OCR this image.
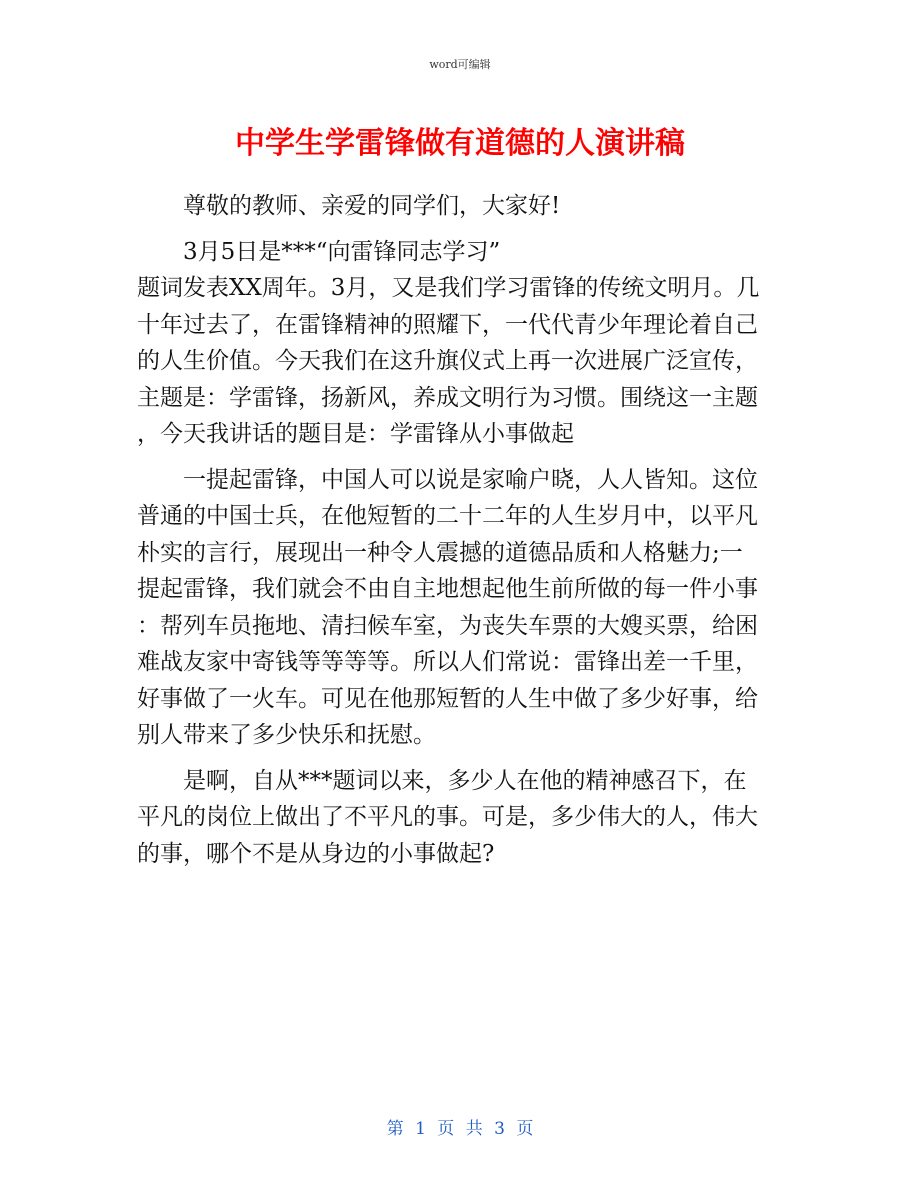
word可编辑
中学生学雷锋做有道德的人演讲稿
尊敬的教师、亲爱的同学们，大家好!
3月5日是***“向雷锋同志学习”
题词发表XX周年。3月，又是我们学习雷锋的传统文明月。几
十年过去了，在雷锋精神的照耀下，一代代青少年理论着自己
的人生价值。今天我们在这升旗仪式上再一次进展广泛宣传，
主题是：学雷锋，扬新风，养成文明行为习惯。围绕这一主题
，今天我讲话的题目是：学雷锋从小事做起
一提起雷锋，中国人可以说是家喻户晓，人人皆知。这位
普通的中国士兵，在他短暂的二十二年的人生岁月中，以平凡
朴实的言行，展现出一种令人震撼的道德品质和人格魅力;一
提起雷锋，我们就会不由自主地想起他生前所做的每一件小事
：帮列车员拖地、清扫候车室，为丧失车票的大嫂买票，给困
难战友家中寄钱等等等等。所以人们常说：雷锋出差一千里，
好事做了一火车。可见在他那短暂的人生中做了多少好事，给
别人带来了多少快乐和抚慰。
是啊，自从***题词以来，多少人在他的精神感召下，在
平凡的岗位上做出了不平凡的事。可是，多少伟大的人，伟大
的事，哪个不是从身边的小事做起?
第 1 页 共 3 页
